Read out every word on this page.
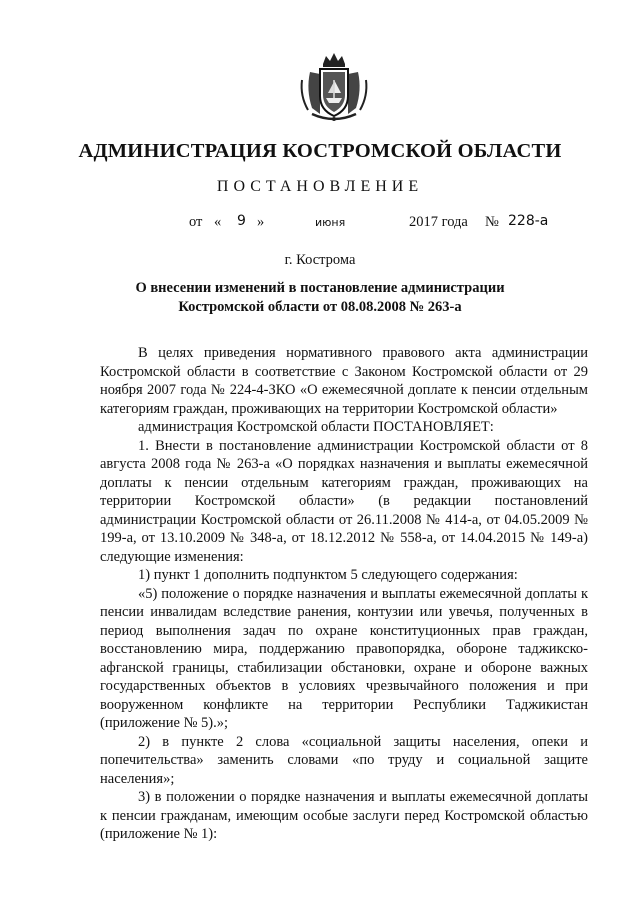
АДМИНИСТРАЦИЯ КОСТРОМСКОЙ ОБЛАСТИ
ПОСТАНОВЛЕНИЕ
от « 9 »	июня	2017 года № 228-а
г. Кострома
О внесении изменений в постановление администрации
Костромской области от 08.08.2008 № 263-а

В целях приведения нормативного правового акта администрации Костромской области в соответствие с Законом Костромской области от 29 ноября 2007 года № 224-4-ЗКО «О ежемесячной доплате к пенсии отдельным категориям граждан, проживающих на территории Костромской области»

администрация Костромской области ПОСТАНОВЛЯЕТ:

1. Внести в постановление администрации Костромской области от 8 августа 2008 года № 263-а «О порядках назначения и выплаты ежемесячной доплаты к пенсии отдельным категориям граждан, проживающих на территории Костромской области» (в редакции постановлений администрации Костромской области от 26.11.2008 № 414-а, от 04.05.2009 № 199-а, от 13.10.2009 № 348-а, от 18.12.2012 № 558-а, от 14.04.2015 № 149-а) следующие изменения:

1) пункт 1 дополнить подпунктом 5 следующего содержания:

«5) положение о порядке назначения и выплаты ежемесячной доплаты к пенсии инвалидам вследствие ранения, контузии или увечья, полученных в период выполнения задач по охране конституционных прав граждан, восстановлению мира, поддержанию правопорядка, обороне таджикско-афганской границы, стабилизации обстановки, охране и обороне важных государственных объектов в условиях чрезвычайного положения и при вооруженном конфликте на территории Республики Таджикистан (приложение № 5).»;

2) в пункте 2 слова «социальной защиты населения, опеки и попечительства» заменить словами «по труду и социальной защите населения»;

3) в положении о порядке назначения и выплаты ежемесячной доплаты к пенсии гражданам, имеющим особые заслуги перед Костромской областью (приложение № 1):
